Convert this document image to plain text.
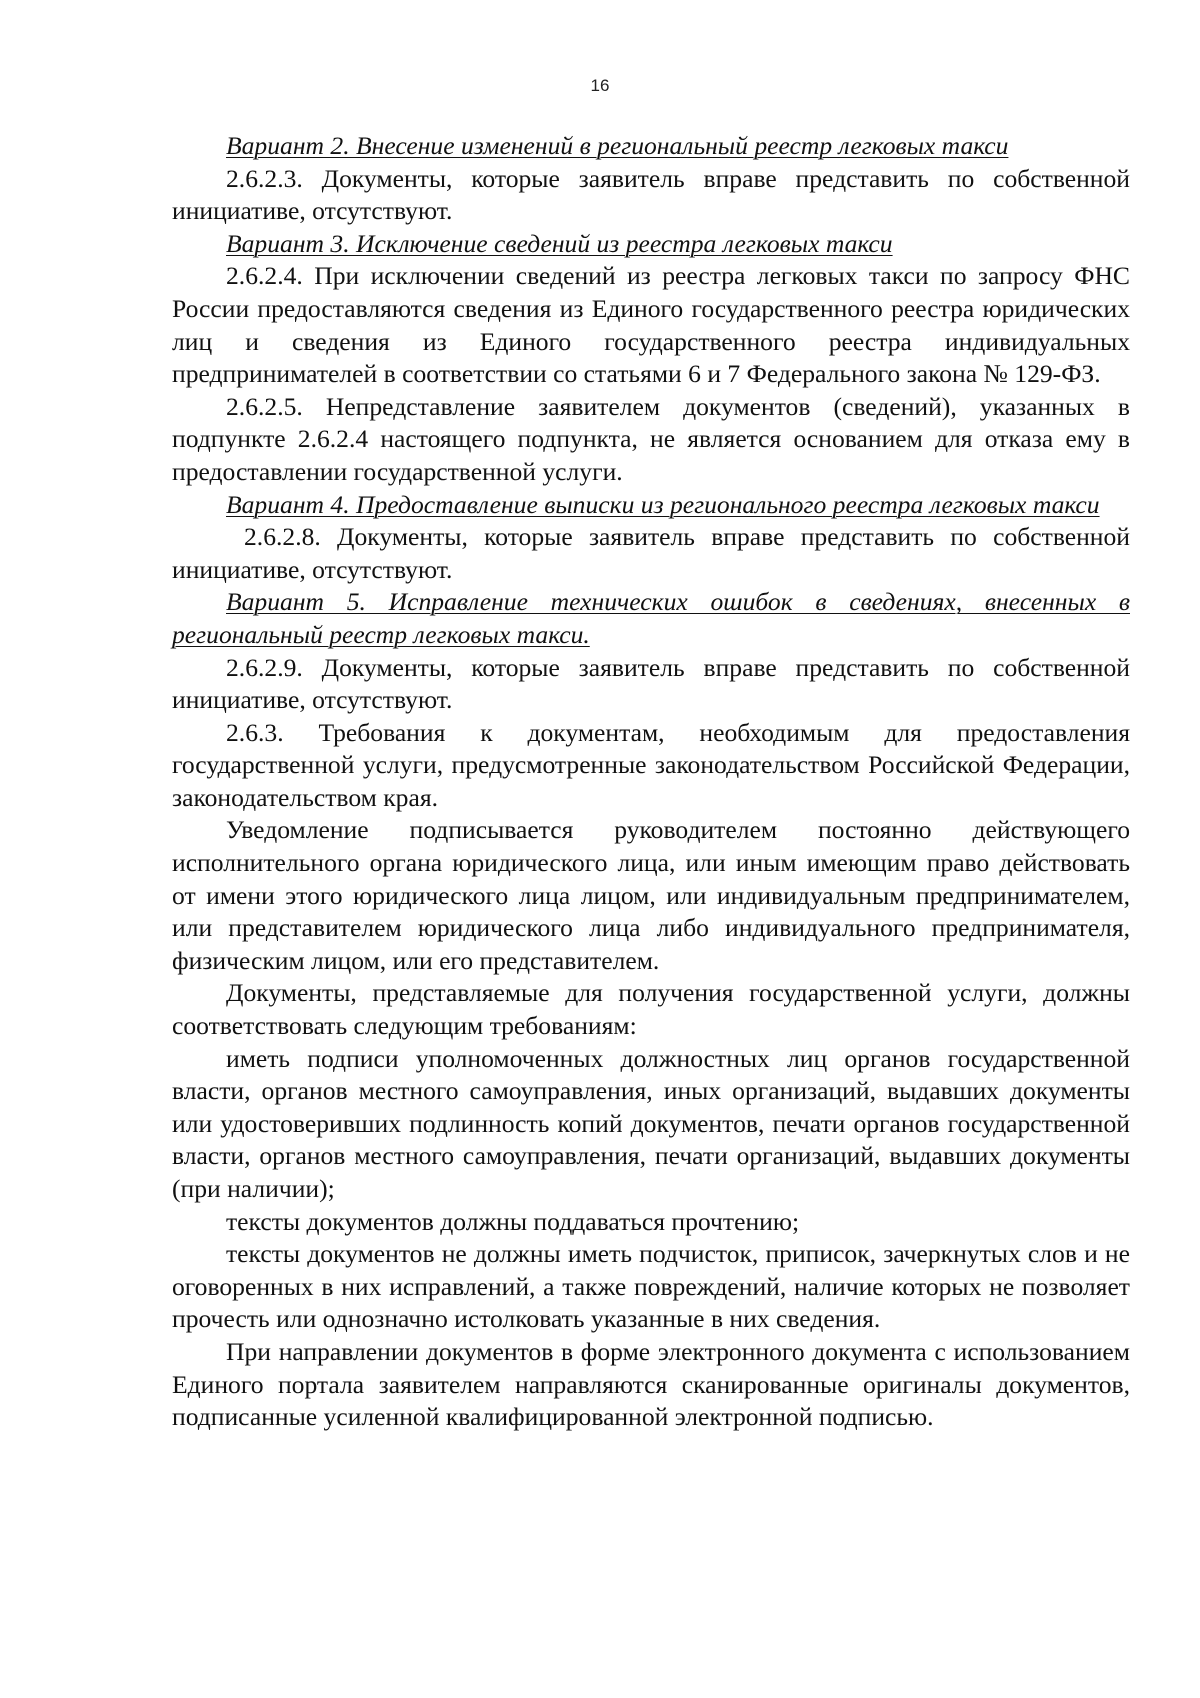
16

Вариант 2. Внесение изменений в региональный реестр легковых такси

2.6.2.3. Документы, которые заявитель вправе представить по собственной инициативе, отсутствуют.

Вариант 3. Исключение сведений из реестра легковых такси

2.6.2.4. При исключении сведений из реестра легковых такси по запросу ФНС России предоставляются сведения из Единого государственного реестра юридических лиц и сведения из Единого государственного реестра индивидуальных предпринимателей в соответствии со статьями 6 и 7 Федерального закона № 129-ФЗ.

2.6.2.5. Непредставление заявителем документов (сведений), указанных в подпункте 2.6.2.4 настоящего подпункта, не является основанием для отказа ему в предоставлении государственной услуги.

Вариант 4. Предоставление выписки из регионального реестра легковых такси

2.6.2.8. Документы, которые заявитель вправе представить по собственной инициативе, отсутствуют.

Вариант 5. Исправление технических ошибок в сведениях, внесенных в региональный реестр легковых такси.

2.6.2.9. Документы, которые заявитель вправе представить по собственной инициативе, отсутствуют.

2.6.3. Требования к документам, необходимым для предоставления государственной услуги, предусмотренные законодательством Российской Федерации, законодательством края.

Уведомление подписывается руководителем постоянно действующего исполнительного органа юридического лица, или иным имеющим право действовать от имени этого юридического лица лицом, или индивидуальным предпринимателем, или представителем юридического лица либо индивидуального предпринимателя, физическим лицом, или его представителем.

Документы, представляемые для получения государственной услуги, должны соответствовать следующим требованиям:

иметь подписи уполномоченных должностных лиц органов государственной власти, органов местного самоуправления, иных организаций, выдавших документы или удостоверивших подлинность копий документов, печати органов государственной власти, органов местного самоуправления, печати организаций, выдавших документы (при наличии);

тексты документов должны поддаваться прочтению;

тексты документов не должны иметь подчисток, приписок, зачеркнутых слов и не оговоренных в них исправлений, а также повреждений, наличие которых не позволяет прочесть или однозначно истолковать указанные в них сведения.

При направлении документов в форме электронного документа с использованием Единого портала заявителем направляются сканированные оригиналы документов, подписанные усиленной квалифицированной электронной подписью.
